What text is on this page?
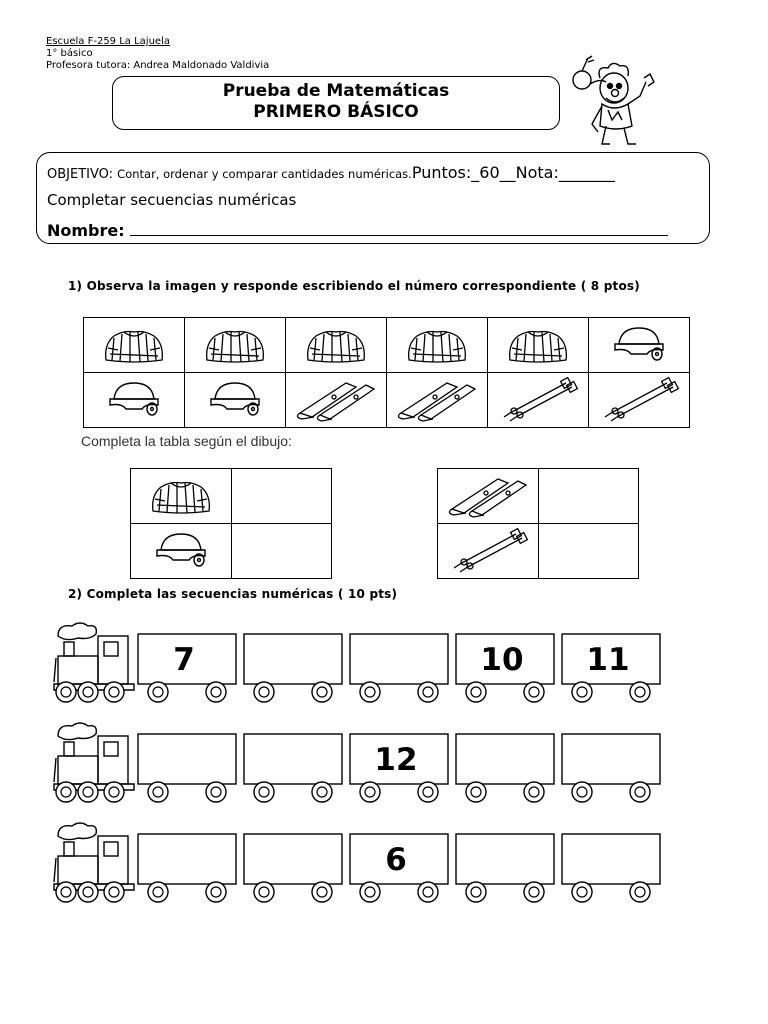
Escuela F-259 La Lajuela
1° básico
Profesora tutora: Andrea Maldonado Valdivia
Prueba de Matemáticas
PRIMERO BÁSICO
OBJETIVO: Contar, ordenar y comparar cantidades numéricas.Puntos:_60__Nota:_______
Completar secuencias numéricas
Nombre:
1) Observa la imagen y responde escribiendo el número correspondiente ( 8 ptos)

Completa la tabla según el dibujo:

2) Completa las secuencias numéricas ( 10 pts)
7	10 11
12
6
